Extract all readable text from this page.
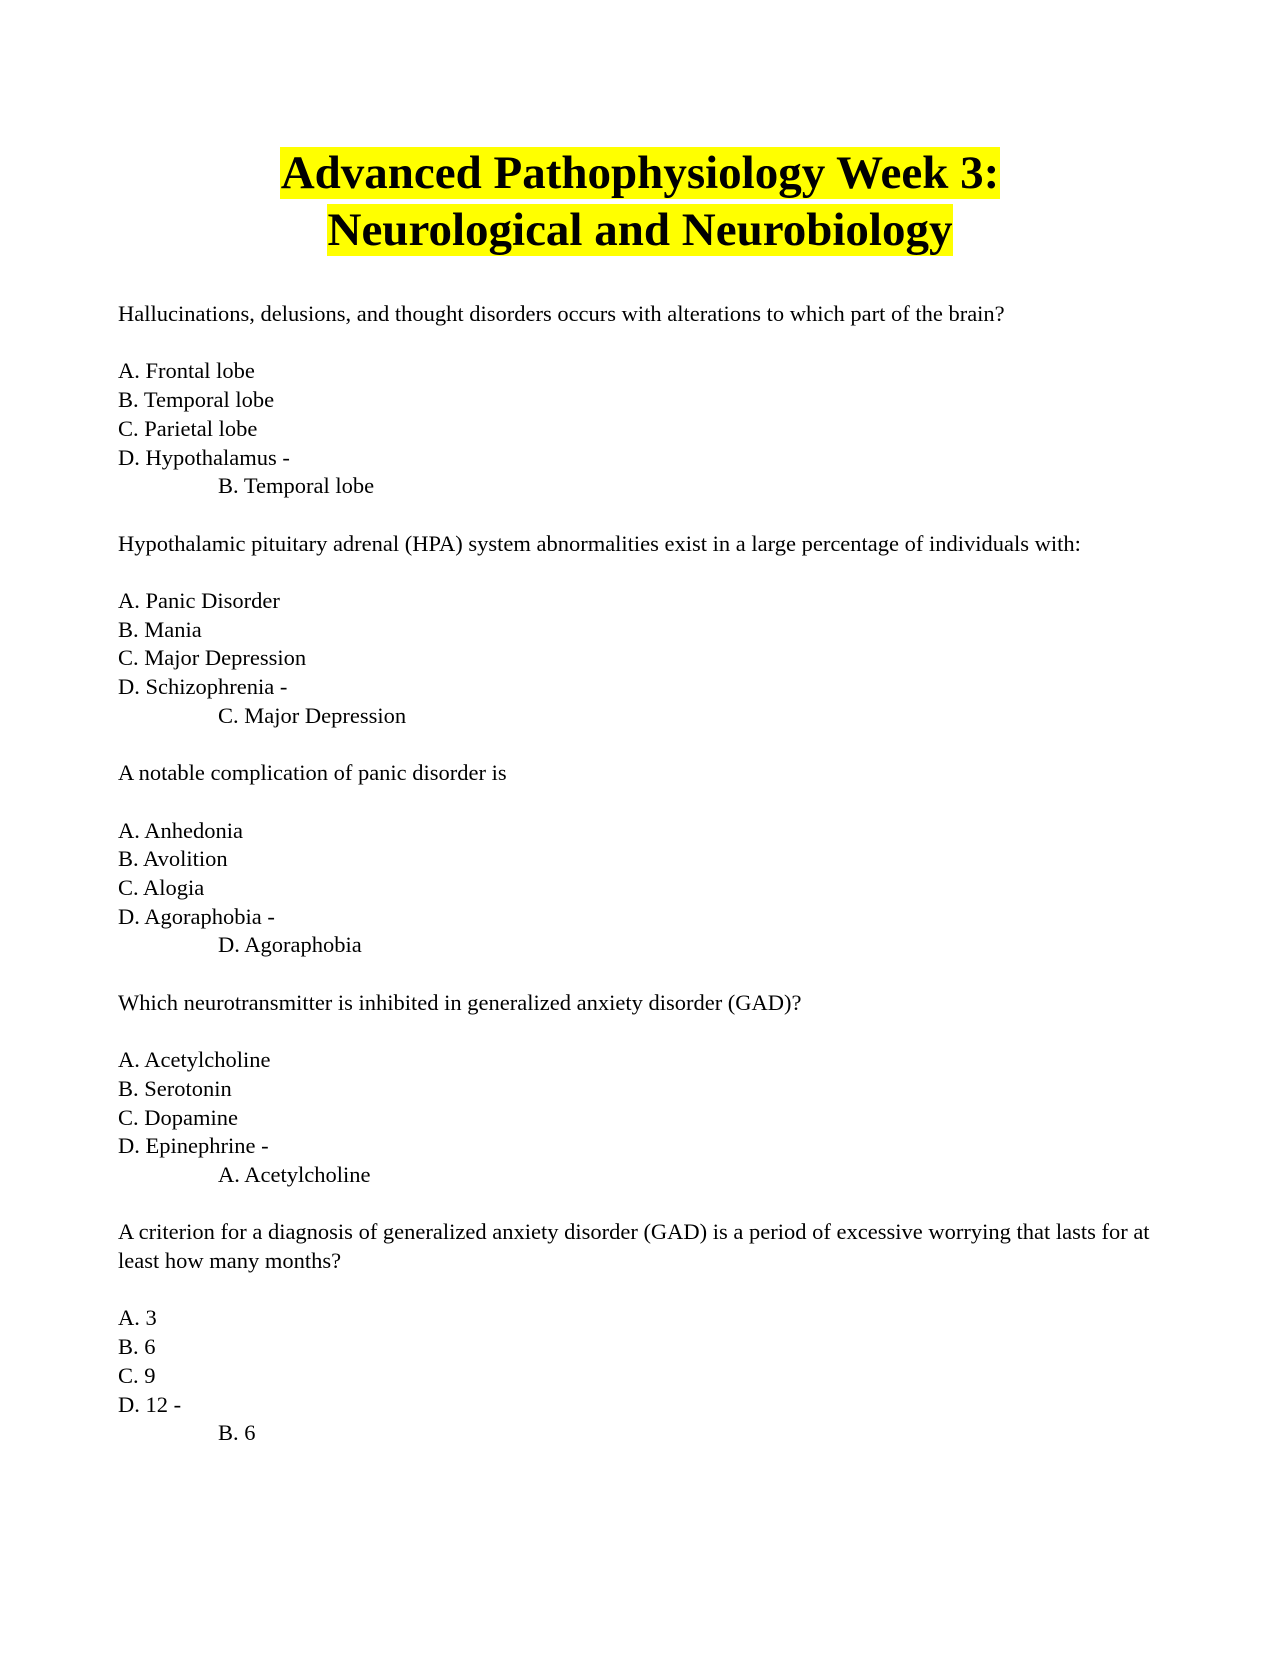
Advanced Pathophysiology Week 3:
Neurological and Neurobiology

Hallucinations, delusions, and thought disorders occurs with alterations to which part of the brain?

A. Frontal lobe
B. Temporal lobe
C. Parietal lobe
D. Hypothalamus -

B. Temporal lobe

Hypothalamic pituitary adrenal (HPA) system abnormalities exist in a large percentage of individuals with:

A. Panic Disorder
B. Mania
C. Major Depression
D. Schizophrenia -

C. Major Depression

A notable complication of panic disorder is

A. Anhedonia
B. Avolition
C. Alogia
D. Agoraphobia -

D. Agoraphobia

Which neurotransmitter is inhibited in generalized anxiety disorder (GAD)?

A. Acetylcholine
B. Serotonin
C. Dopamine
D. Epinephrine -

A. Acetylcholine

A criterion for a diagnosis of generalized anxiety disorder (GAD) is a period of excessive worrying that lasts for at least how many months?

A. 3
B. 6
C. 9
D. 12 -

B. 6
